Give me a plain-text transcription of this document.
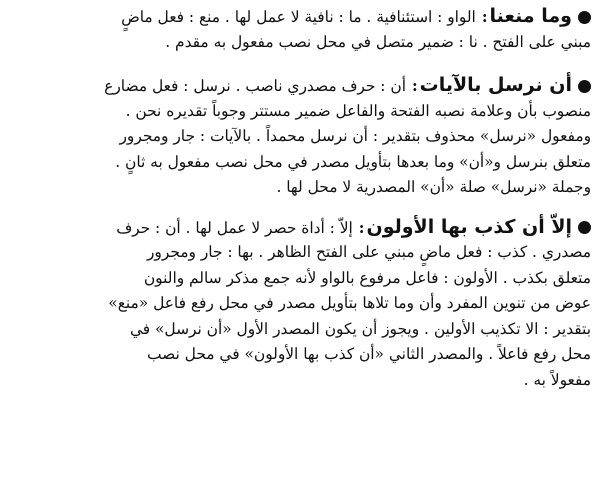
وما منعنا:الواو : استئنافية . ما : نافية لا عمل لها . منع : فعل ماضٍ
مبني على الفتح . نا : ضمير متصل في محل نصب مفعول به مقدم .
أن نرسل بالآيات:أن : حرف مصدري ناصب . نرسل : فعل مضارع
منصوب بأن وعلامة نصبه الفتحة والفاعل ضمير مستتر وجوباً تقديره نحن .
ومفعول «نرسل» محذوف بتقدير : أن نرسل محمداً . بالآيات : جار ومجرور
متعلق بنرسل و«أن» وما بعدها بتأويل مصدر في محل نصب مفعول به ثانٍ .
وجملة «نرسل» صلة «أن» المصدرية لا محل لها .
إلاّ أن كذب بها الأولون:إلاّ : أداة حصر لا عمل لها . أن : حرف
مصدري . كذب : فعل ماضٍ مبني على الفتح الظاهر . بها : جار ومجرور
متعلق بكذب . الأولون : فاعل مرفوع بالواو لأنه جمع مذكر سالم والنون
عوض من تنوين المفرد وأن وما تلاها بتأويل مصدر في محل رفع فاعل «منع»
بتقدير : الا تكذيب الأولين . ويجوز أن يكون المصدر الأول «أن نرسل» في
محل رفع فاعلاً . والمصدر الثاني «أن كذب بها الأولون» في محل نصب
مفعولاً به .
